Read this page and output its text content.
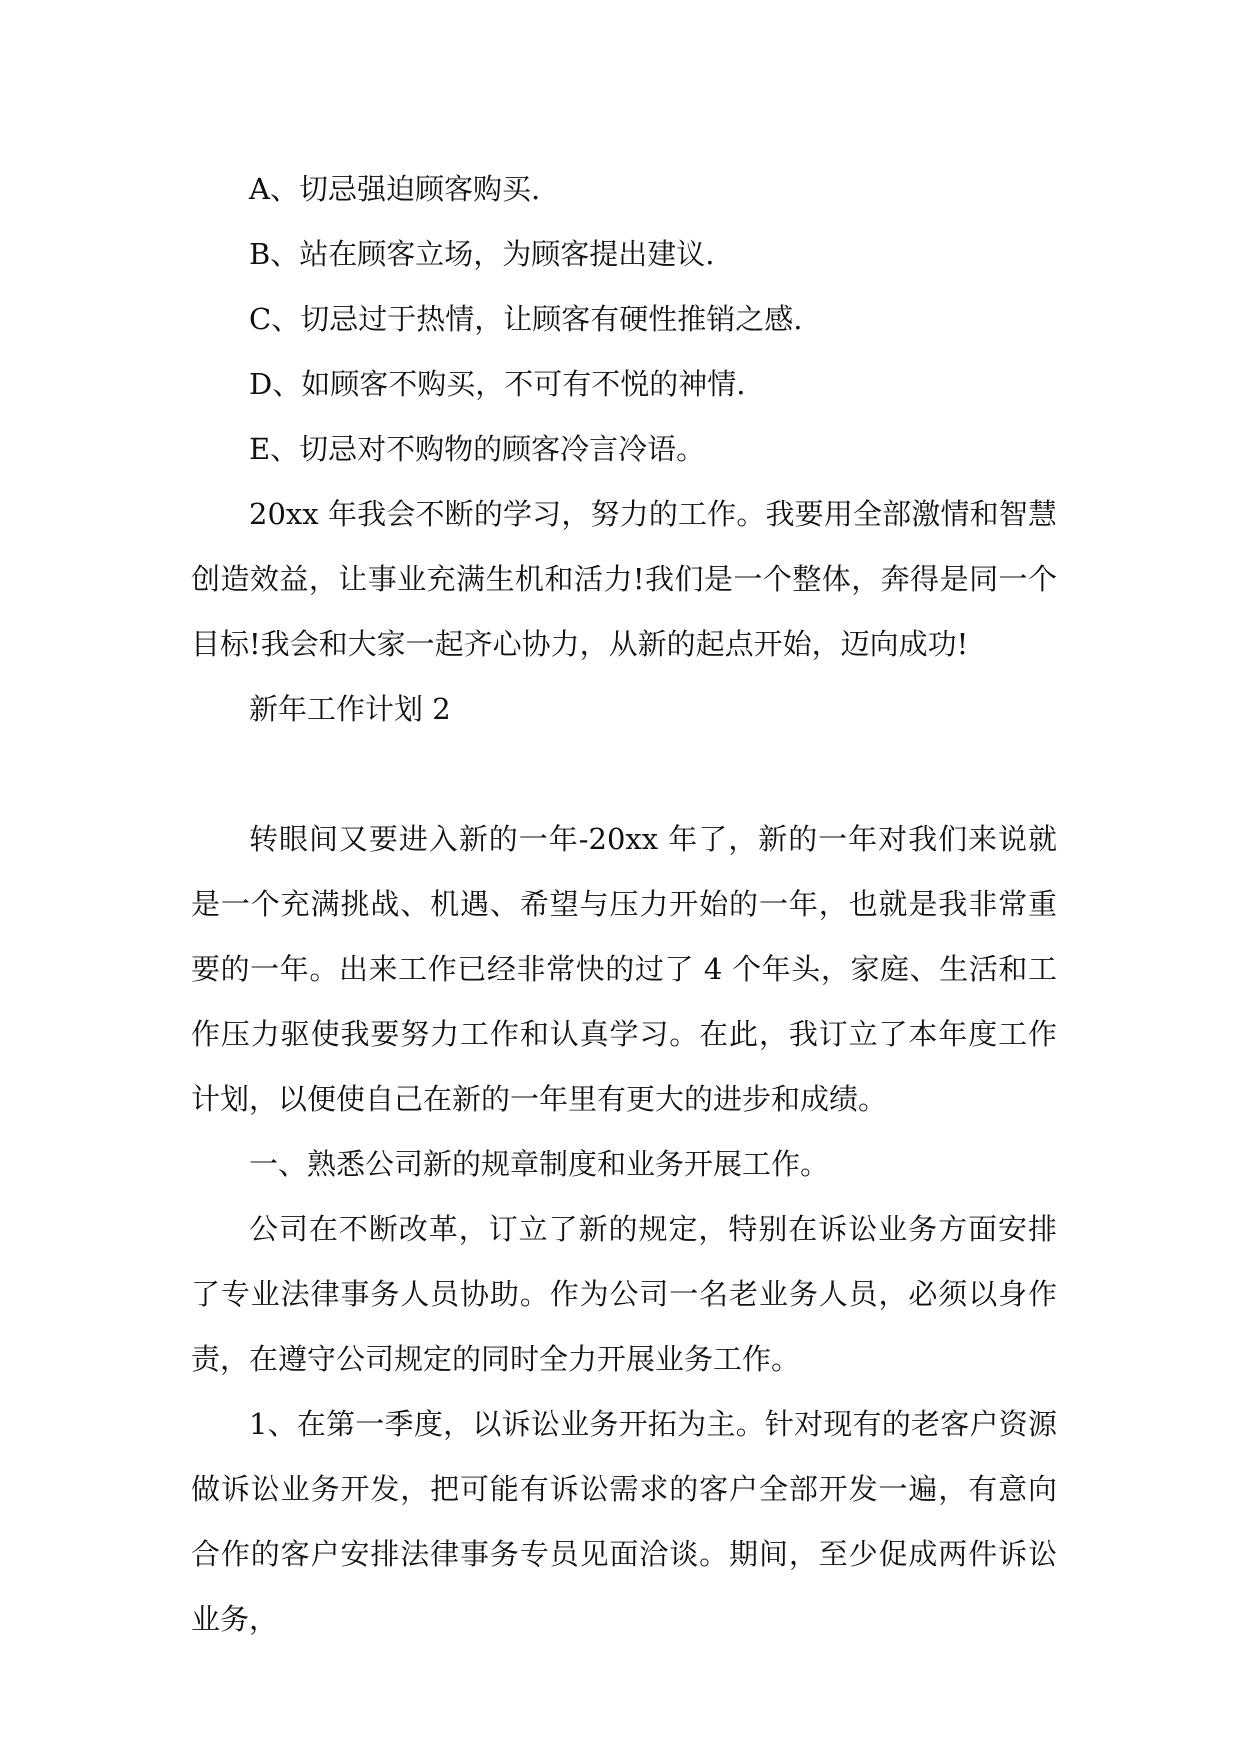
A、切忌强迫顾客购买.

B、站在顾客立场，为顾客提出建议.

C、切忌过于热情，让顾客有硬性推销之感.

D、如顾客不购买，不可有不悦的神情.

E、切忌对不购物的顾客冷言冷语。

20xx 年我会不断的学习，努力的工作。我要用全部激情和智慧创造效益，让事业充满生机和活力!我们是一个整体，奔得是同一个目标!我会和大家一起齐心协力，从新的起点开始，迈向成功!

新年工作计划 2

转眼间又要进入新的一年-20xx 年了，新的一年对我们来说就是一个充满挑战、机遇、希望与压力开始的一年，也就是我非常重要的一年。出来工作已经非常快的过了 4 个年头，家庭、生活和工作压力驱使我要努力工作和认真学习。在此，我订立了本年度工作计划，以便使自己在新的一年里有更大的进步和成绩。

一、熟悉公司新的规章制度和业务开展工作。

公司在不断改革，订立了新的规定，特别在诉讼业务方面安排了专业法律事务人员协助。作为公司一名老业务人员，必须以身作责，在遵守公司规定的同时全力开展业务工作。

1、在第一季度，以诉讼业务开拓为主。针对现有的老客户资源做诉讼业务开发，把可能有诉讼需求的客户全部开发一遍，有意向合作的客户安排法律事务专员见面洽谈。期间，至少促成两件诉讼业务，
